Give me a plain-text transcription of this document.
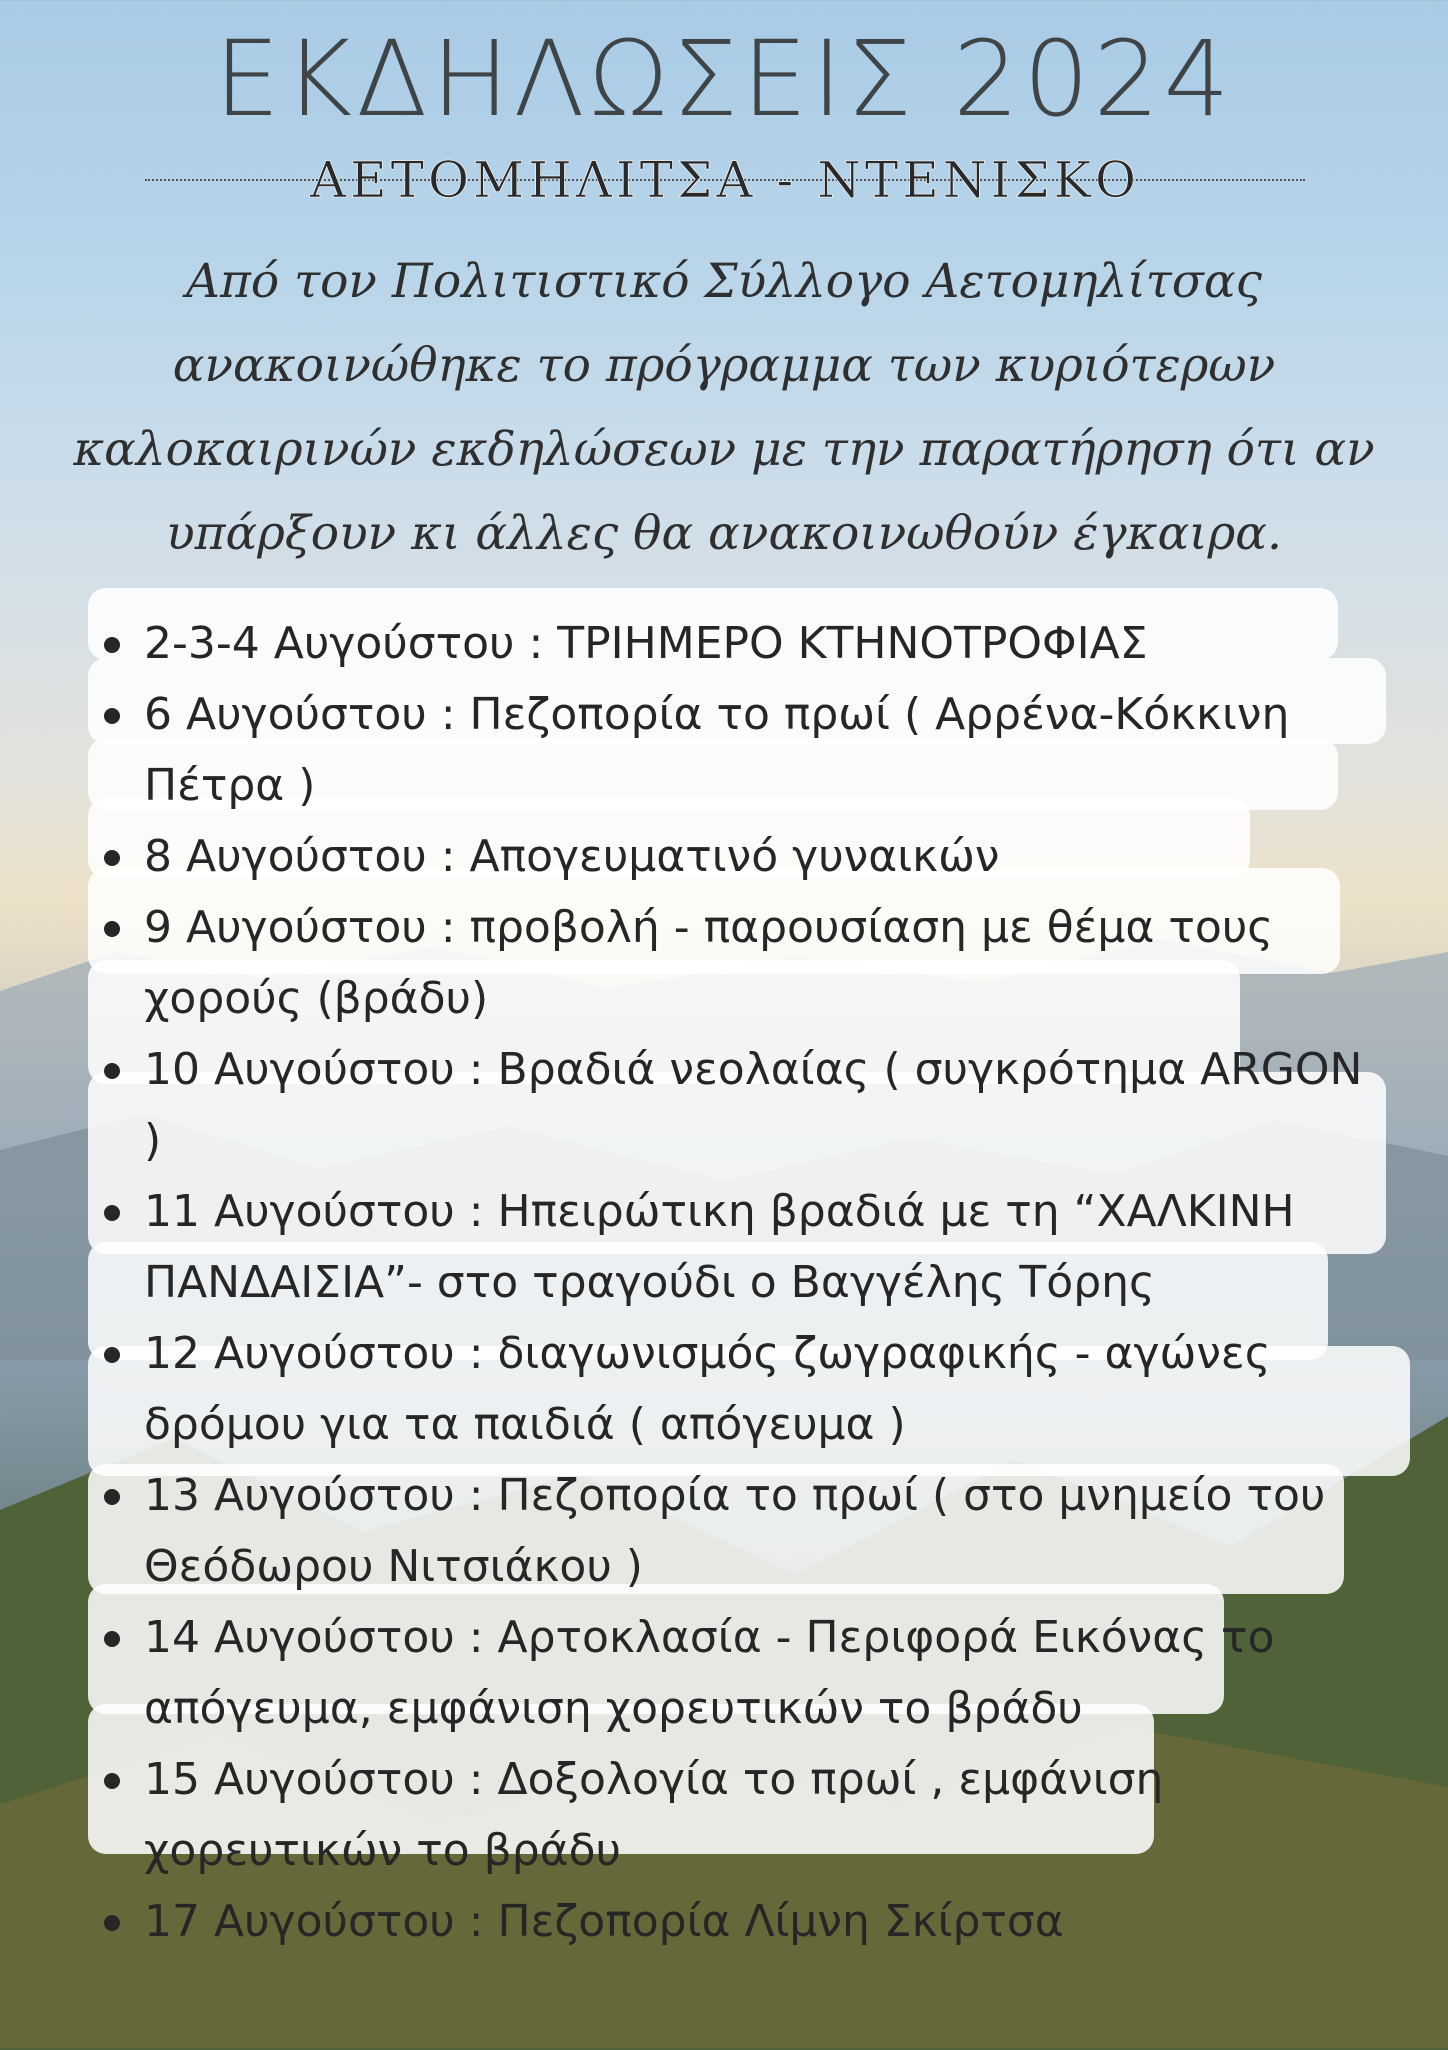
ΕΚΔΗΛΩΣΕΙΣ 2024
ΑΕΤΟΜΗΛΙΤΣΑ - ΝΤΕΝΙΣΚΟ
Από τον Πολιτιστικό Σύλλογο Αετομηλίτσας
ανακοινώθηκε το πρόγραμμα των κυριότερων
καλοκαιρινών εκδηλώσεων με την παρατήρηση ότι αν
υπάρξουν κι άλλες θα ανακοινωθούν έγκαιρα.
2-3-4 Αυγούστου : ΤΡΙΗΜΕΡΟ ΚΤΗΝΟΤΡΟΦΙΑΣ
6 Αυγούστου : Πεζοπορία το πρωί ( Αρρένα-Κόκκινη Πέτρα )
8 Αυγούστου : Απογευματινό γυναικών
9 Αυγούστου : προβολή - παρουσίαση με θέμα τους χορούς (βράδυ)
10 Αυγούστου : Βραδιά νεολαίας ( συγκρότημα ARGON )
11 Αυγούστου : Ηπειρώτικη βραδιά με τη “ΧΑΛΚΙΝΗ ΠΑΝΔΑΙΣΙΑ”- στο τραγούδι ο Βαγγέλης Τόρης
12 Αυγούστου : διαγωνισμός ζωγραφικής - αγώνες δρόμου για τα παιδιά ( απόγευμα )
13 Αυγούστου : Πεζοπορία το πρωί ( στο μνημείο του Θεόδωρου Νιτσιάκου )
14 Αυγούστου : Αρτοκλασία - Περιφορά Εικόνας το απόγευμα, εμφάνιση χορευτικών το βράδυ
15 Αυγούστου : Δοξολογία το πρωί , εμφάνιση χορευτικών το βράδυ
17 Αυγούστου : Πεζοπορία Λίμνη Σκίρτσα
